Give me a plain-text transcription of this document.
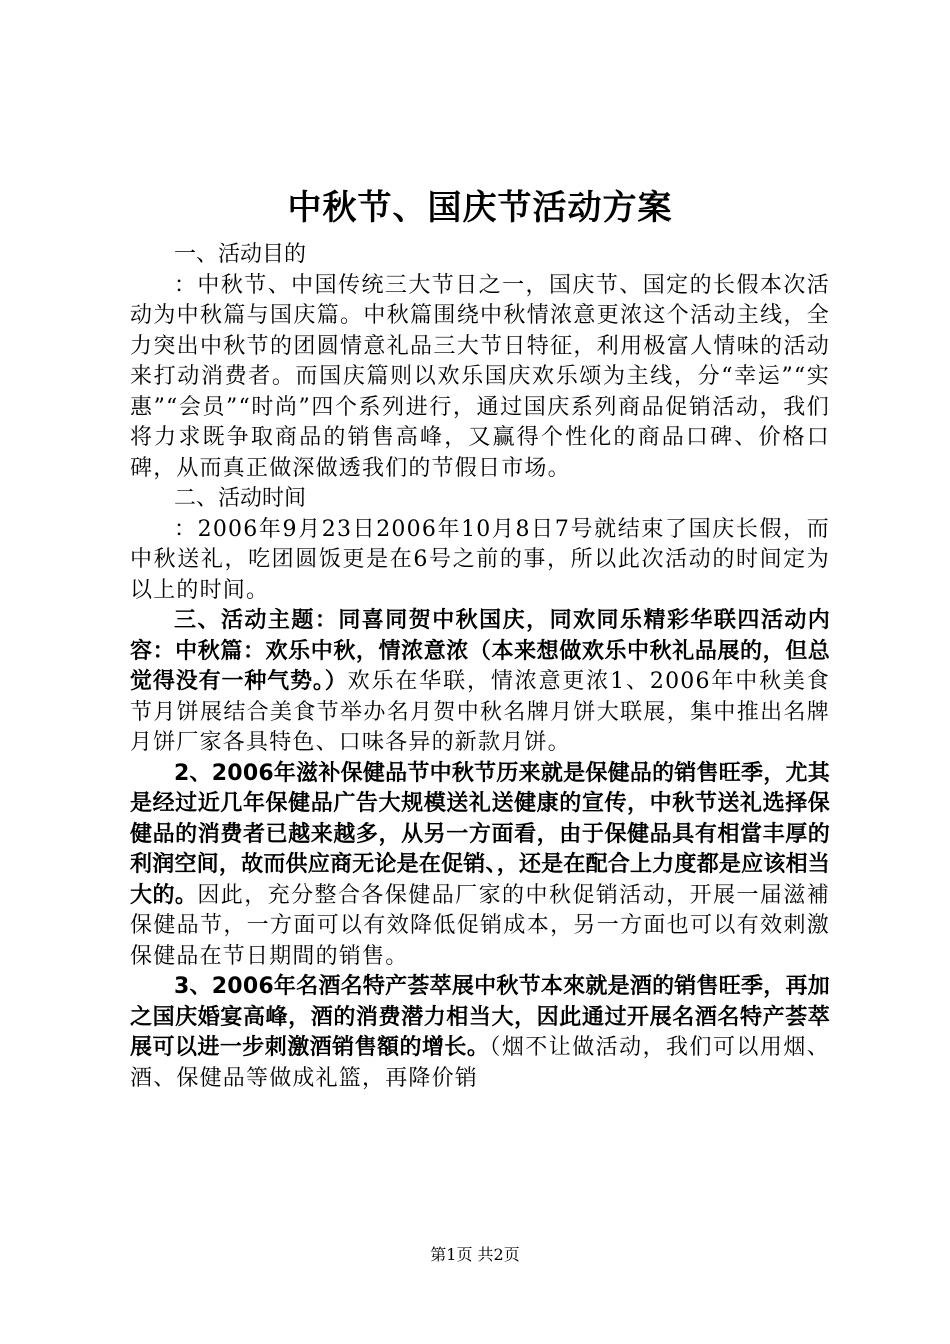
中秋节、国庆节活动方案

一、活动目的

：中秋节、中国传统三大节日之一，国庆节、国定的长假本次活动为中秋篇与国庆篇。中秋篇围绕中秋情浓意更浓这个活动主线，全力突出中秋节的团圆情意礼品三大节日特征，利用极富人情味的活动来打动消费者。而国庆篇则以欢乐国庆欢乐颂为主线，分“幸运”“实惠”“会员”“时尚”四个系列进行，通过国庆系列商品促销活动，我们将力求既争取商品的销售高峰，又赢得个性化的商品口碑、价格口碑，从而真正做深做透我们的节假日市场。

二、活动时间

：2006年9月23日2006年10月8日7号就结束了国庆长假，而中秋送礼，吃团圆饭更是在6号之前的事，所以此次活动的时间定为以上的时间。

三、活动主题：同喜同贺中秋国庆，同欢同乐精彩华联四活动内容：中秋篇：欢乐中秋，情浓意浓（本来想做欢乐中秋礼品展的，但总觉得没有一种气势。）欢乐在华联，情浓意更浓1、2006年中秋美食节月饼展结合美食节举办名月贺中秋名牌月饼大联展，集中推出名牌月饼厂家各具特色、口味各异的新款月饼。

2、2006年滋补保健品节中秋节历来就是保健品的销售旺季，尤其是经过近几年保健品广告大规模送礼送健康的宣传，中秋节送礼选择保健品的消费者已越来越多，从另一方面看，由于保健品具有相當丰厚的利润空间，故而供应商无论是在促销、，还是在配合上力度都是应该相当大的。因此，充分整合各保健品厂家的中秋促销活动，开展一届滋補保健品节，一方面可以有效降低促销成本，另一方面也可以有效刺激保健品在节日期間的销售。

3、2006年名酒名特产荟萃展中秋节本來就是酒的销售旺季，再加之国庆婚宴高峰，酒的消费潜力相当大，因此通过开展名酒名特产荟萃展可以进一步刺激酒销售額的增长。（烟不让做活动，我们可以用烟、酒、保健品等做成礼篮，再降价销

第1页 共2页
